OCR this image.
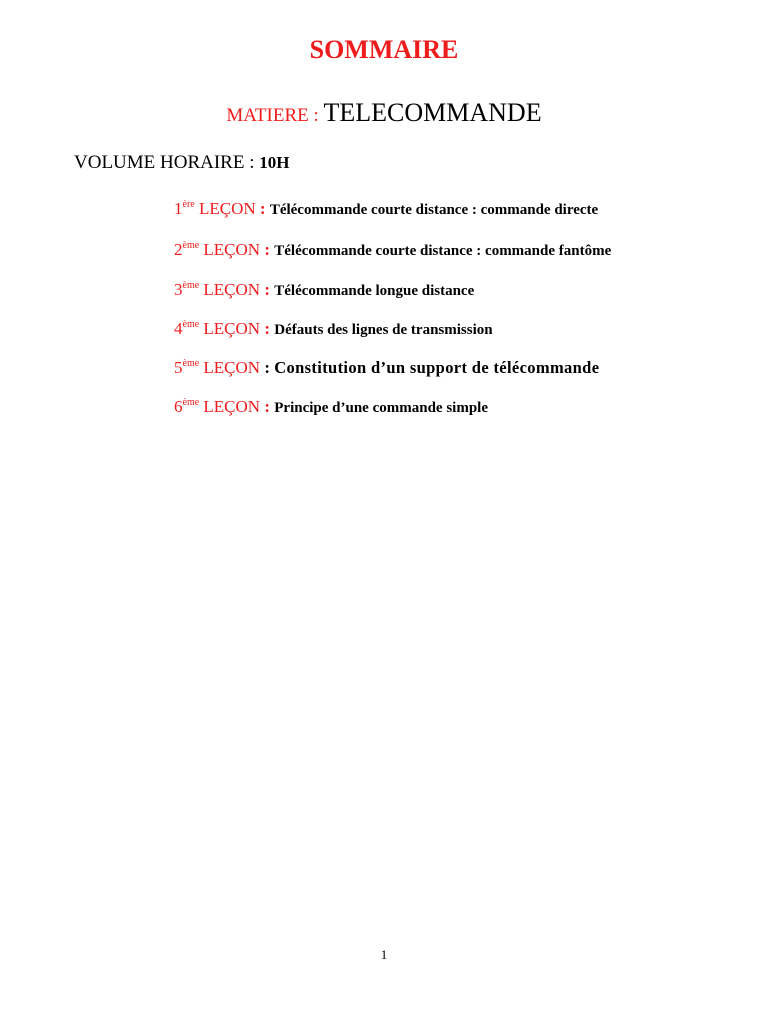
SOMMAIRE
MATIERE : TELECOMMANDE
VOLUME HORAIRE : 10H
1ère LEÇON : Télécommande courte distance : commande directe
2ème LEÇON : Télécommande courte distance : commande fantôme
3ème LEÇON : Télécommande longue distance
4ème LEÇON : Défauts des lignes de transmission
5ème LEÇON : Constitution d’un support de télécommande
6ème LEÇON : Principe d’une commande simple
1
